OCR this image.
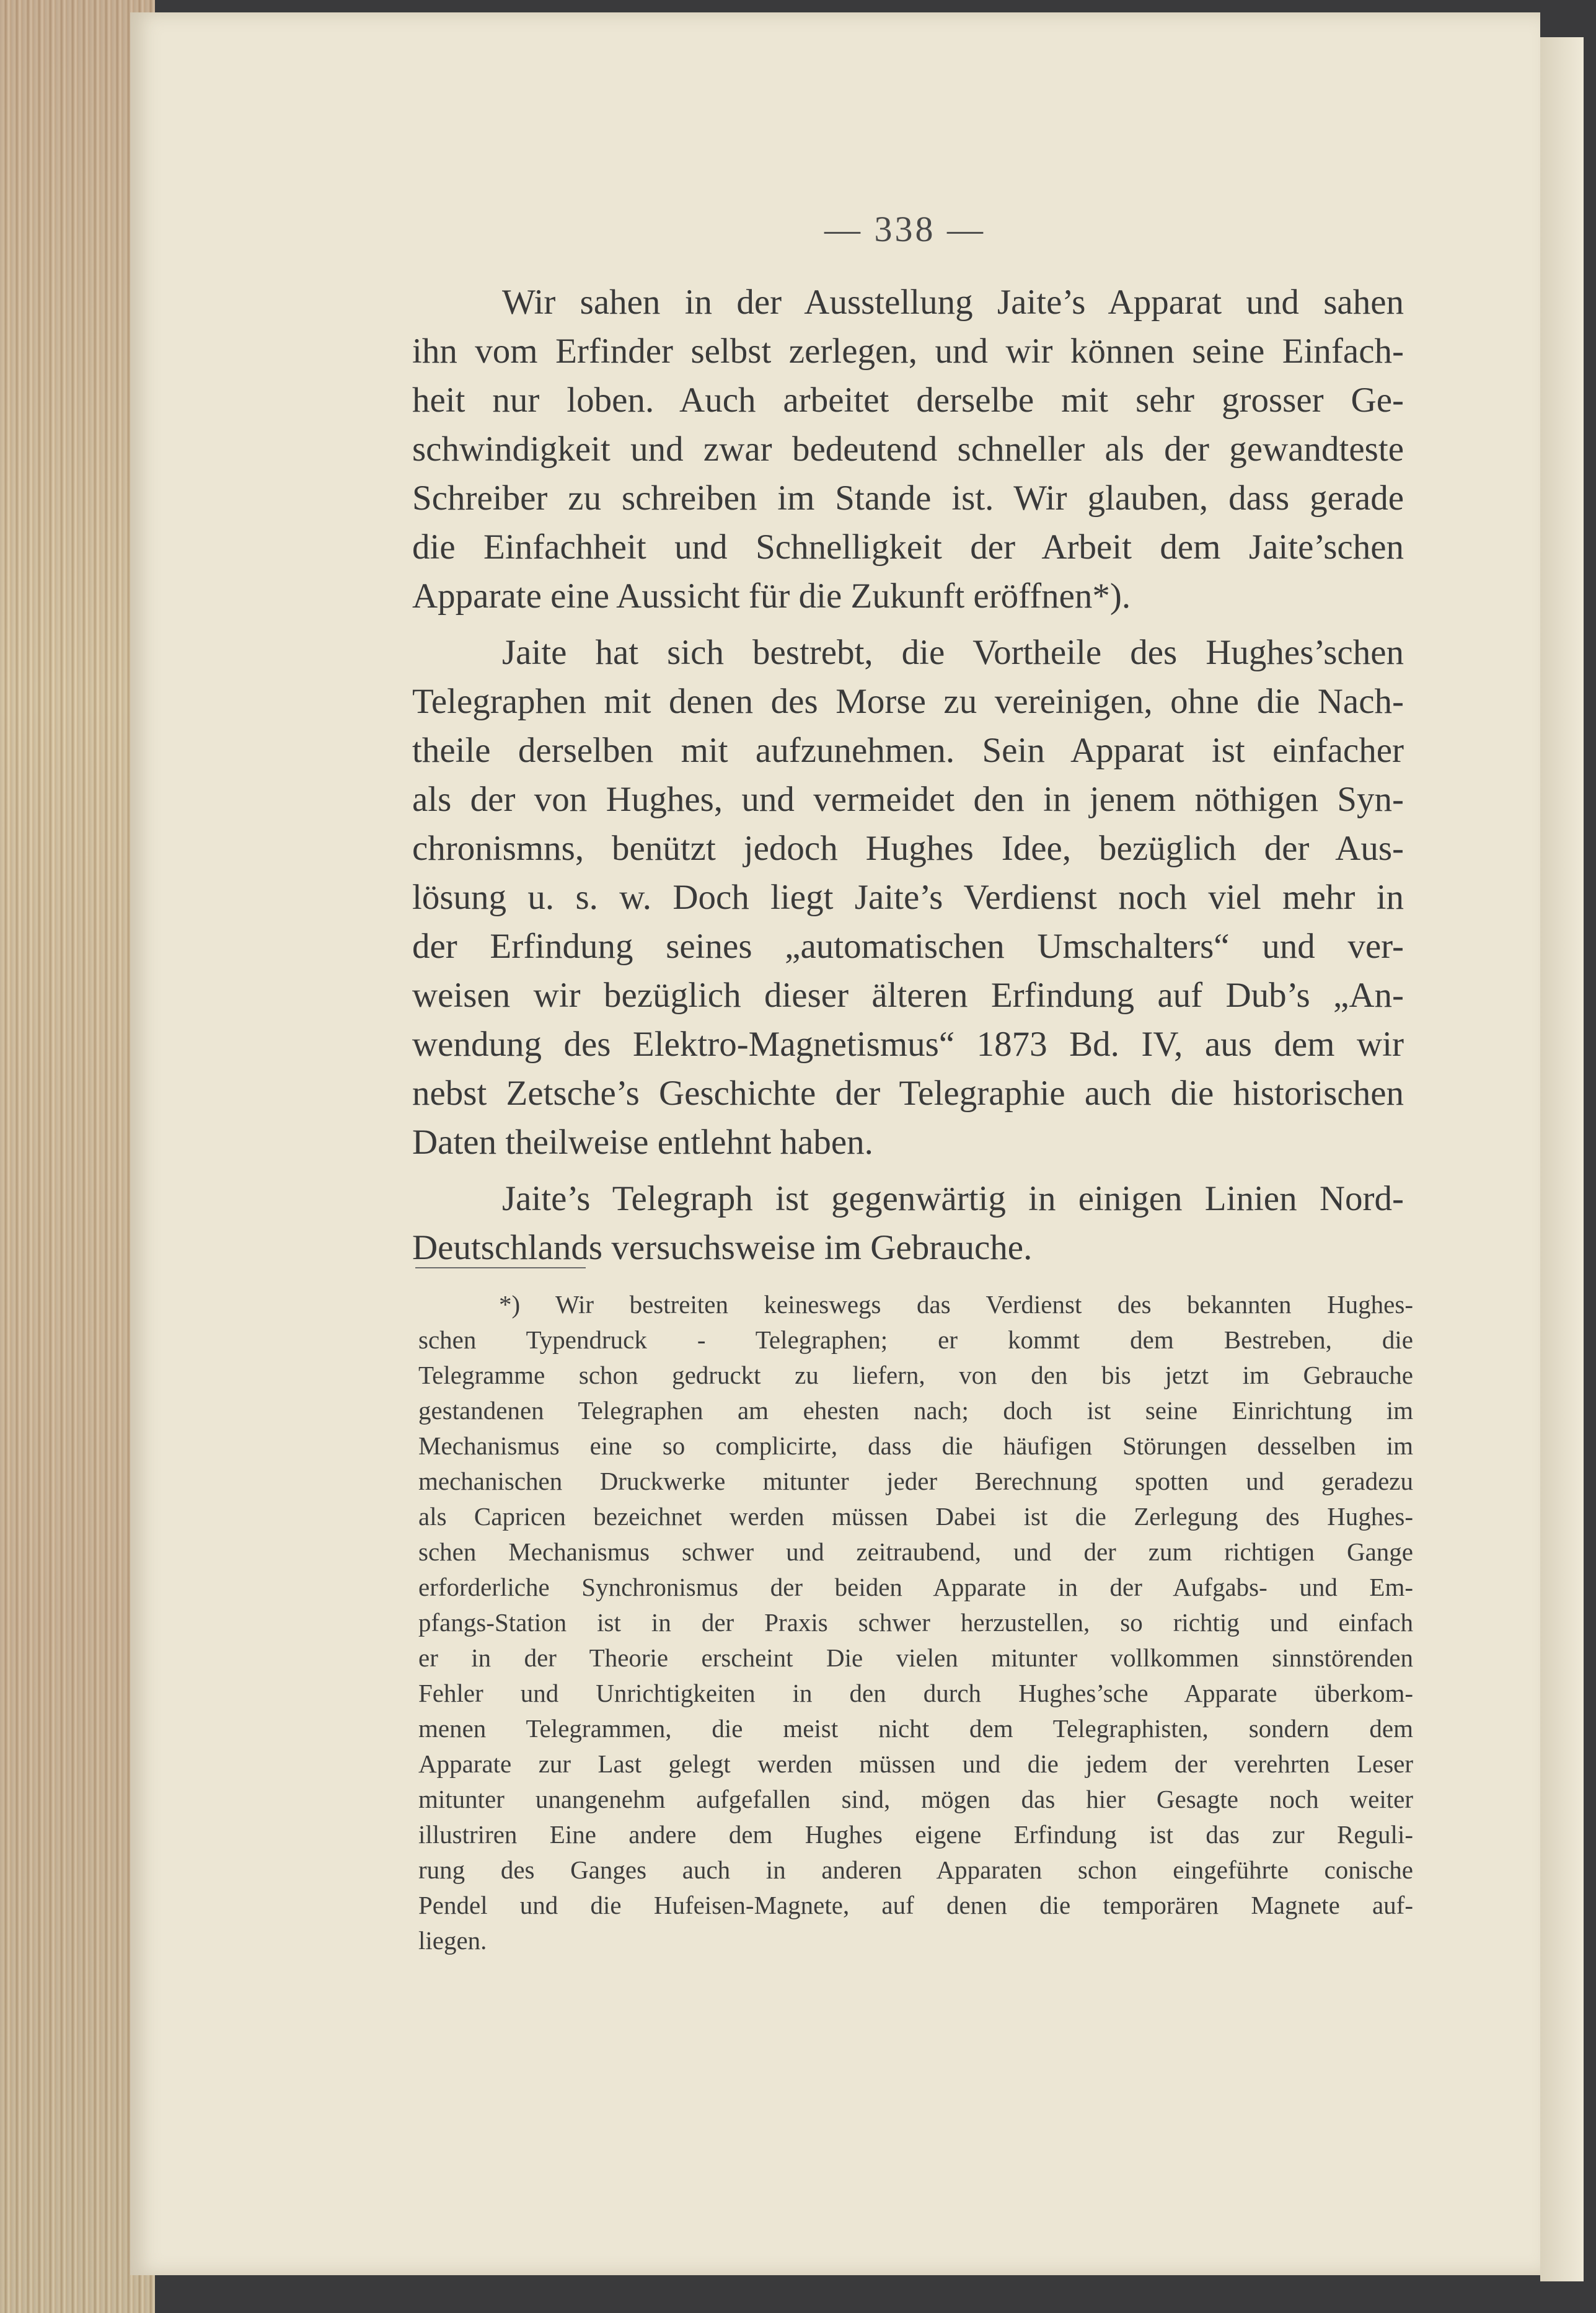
— 338 —
Wir sahen in der Ausstellung Jaite’s Apparat und sahen
ihn vom Erfinder selbst zerlegen, und wir können seine Einfach-
heit nur loben. Auch arbeitet derselbe mit sehr grosser Ge-
schwindigkeit und zwar bedeutend schneller als der gewandteste
Schreiber zu schreiben im Stande ist. Wir glauben, dass gerade
die Einfachheit und Schnelligkeit der Arbeit dem Jaite’schen
Apparate eine Aussicht für die Zukunft eröffnen*).
Jaite hat sich bestrebt, die Vortheile des Hughes’schen
Telegraphen mit denen des Morse zu vereinigen, ohne die Nach-
theile derselben mit aufzunehmen. Sein Apparat ist einfacher
als der von Hughes, und vermeidet den in jenem nöthigen Syn-
chronismns, benützt jedoch Hughes Idee, bezüglich der Aus-
lösung u. s. w. Doch liegt Jaite’s Verdienst noch viel mehr in
der Erfindung seines „automatischen Umschalters“ und ver-
weisen wir bezüglich dieser älteren Erfindung auf Dub’s „An-
wendung des Elektro-Magnetismus“ 1873 Bd. IV, aus dem wir
nebst Zetsche’s Geschichte der Telegraphie auch die historischen
Daten theilweise entlehnt haben.
Jaite’s Telegraph ist gegenwärtig in einigen Linien Nord-
Deutschlands versuchsweise im Gebrauche.
*) Wir bestreiten keineswegs das Verdienst des bekannten Hughes-
schen Typendruck - Telegraphen; er kommt dem Bestreben, die
Telegramme schon gedruckt zu liefern, von den bis jetzt im Gebrauche
gestandenen Telegraphen am ehesten nach; doch ist seine Einrichtung im
Mechanismus eine so complicirte, dass die häufigen Störungen desselben im
mechanischen Druckwerke mitunter jeder Berechnung spotten und geradezu
als Capricen bezeichnet werden müssen Dabei ist die Zerlegung des Hughes-
schen Mechanismus schwer und zeitraubend, und der zum richtigen Gange
erforderliche Synchronismus der beiden Apparate in der Aufgabs- und Em-
pfangs-Station ist in der Praxis schwer herzustellen, so richtig und einfach
er in der Theorie erscheint Die vielen mitunter vollkommen sinnstörenden
Fehler und Unrichtigkeiten in den durch Hughes’sche Apparate überkom-
menen Telegrammen, die meist nicht dem Telegraphisten, sondern dem
Apparate zur Last gelegt werden müssen und die jedem der verehrten Leser
mitunter unangenehm aufgefallen sind, mögen das hier Gesagte noch weiter
illustriren Eine andere dem Hughes eigene Erfindung ist das zur Reguli-
rung des Ganges auch in anderen Apparaten schon eingeführte conische
Pendel und die Hufeisen-Magnete, auf denen die temporären Magnete auf-
liegen.
